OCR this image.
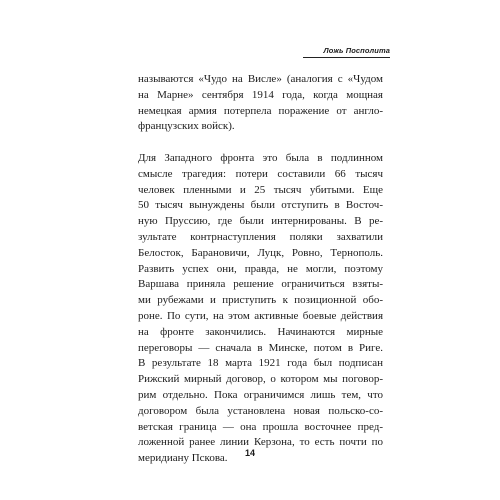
Ложь Посполита
называются «Чудо на Висле» (аналогия с «Чудом
на Марне» сентября 1914 года, когда мощная
немецкая армия потерпела поражение от англо-
французских войск).
Для Западного фронта это была в подлинном
смысле трагедия: потери составили 66 тысяч
человек пленными и 25 тысяч убитыми. Еще
50 тысяч вынуждены были отступить в Восточ-
ную Пруссию, где были интернированы. В ре-
зультате контрнаступления поляки захватили
Белосток, Барановичи, Луцк, Ровно, Тернополь.
Развить успех они, правда, не могли, поэтому
Варшава приняла решение ограничиться взяты-
ми рубежами и приступить к позиционной обо-
роне. По сути, на этом активные боевые действия
на фронте закончились. Начинаются мирные
переговоры — сначала в Минске, потом в Риге.
В результате 18 марта 1921 года был подписан
Рижский мирный договор, о котором мы поговор-
рим отдельно. Пока ограничимся лишь тем, что
договором была установлена новая польско-со-
ветская граница — она прошла восточнее пред-
ложенной ранее линии Керзона, то есть почти по
меридиану Пскова.	14
